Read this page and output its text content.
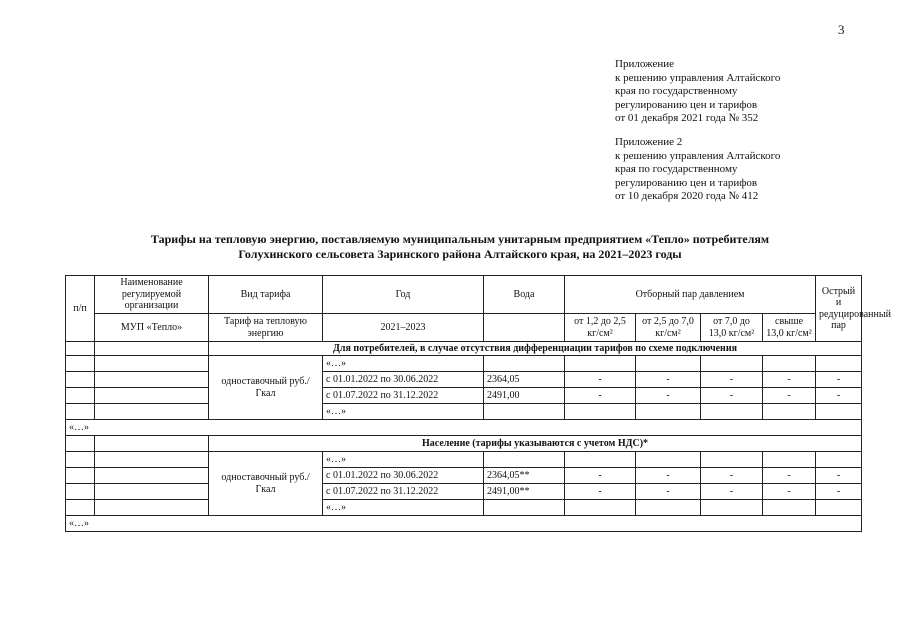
3
Приложение
к решению управления Алтайского
края по государственному
регулированию цен и тарифов
от 01 декабря 2021 года № 352
Приложение 2
к решению управления Алтайского
края по государственному
регулированию цен и тарифов
от 10 декабря 2020 года № 412
Тарифы на тепловую энергию, поставляемую муниципальным унитарным предприятием «Тепло» потребителям
Голухинского сельсовета Заринского района Алтайского края, на 2021–2023 годы
п/п	Наименование регулируемой организации	Вид тарифа	Год	Вода	Отборный пар давлением				Острый и редуцированный пар
	МУП «Тепло»	Тариф на тепловую энергию	2021–2023		от 1,2 до 2,5 кг/см²	от 2,5 до 7,0 кг/см²	от 7,0 до 13,0 кг/см²	свыше 13,0 кг/см²	
		Для потребителей, в случае отсутствия дифференциации тарифов по схеме подключения							
		одноставочный руб./Гкал	«…»						
			с 01.01.2022 по 30.06.2022	2364,05	-	-	-	-	-
			с 01.07.2022 по 31.12.2022	2491,00	-	-	-	-	-
			«…»						
«…»									
		Население (тарифы указываются с учетом НДС)*							
		одноставочный руб./Гкал	«…»						
			с 01.01.2022 по 30.06.2022	2364,05**	-	-	-	-	-
			с 01.07.2022 по 31.12.2022	2491,00**	-	-	-	-	-
			«…»						
«…»									
